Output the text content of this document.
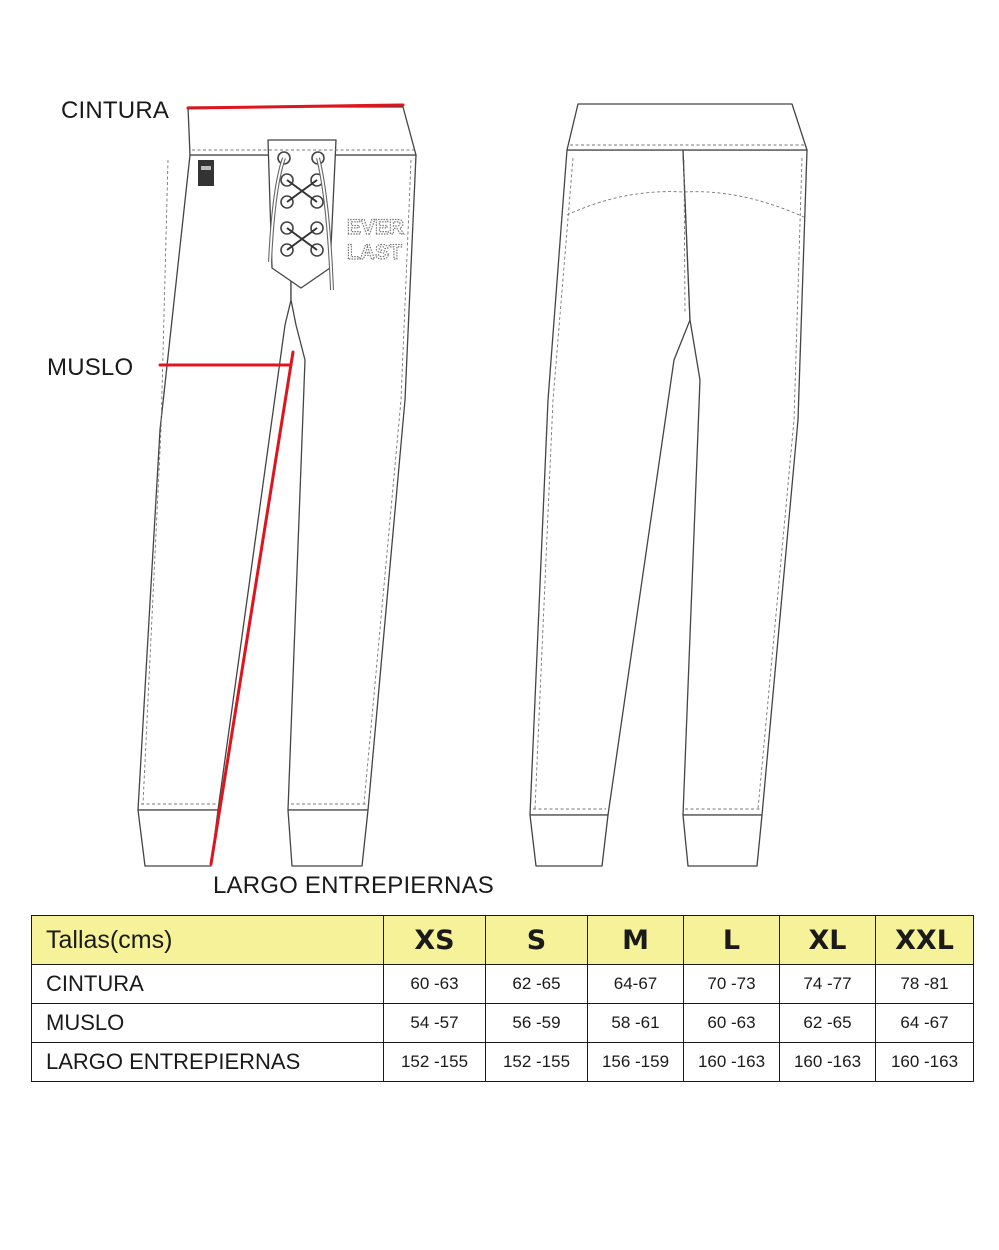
CINTURA
MUSLO
LARGO ENTREPIERNAS
EVER
LAST
Tallas(cms)	XS	S	M	L	XL	XXL
CINTURA	60 -63	62 -65	64-67	70 -73	74 -77	78 -81
MUSLO	54 -57	56 -59	58 -61	60 -63	62 -65	64 -67
LARGO ENTREPIERNAS	152 -155	152 -155	156 -159	160 -163	160 -163	160 -163
